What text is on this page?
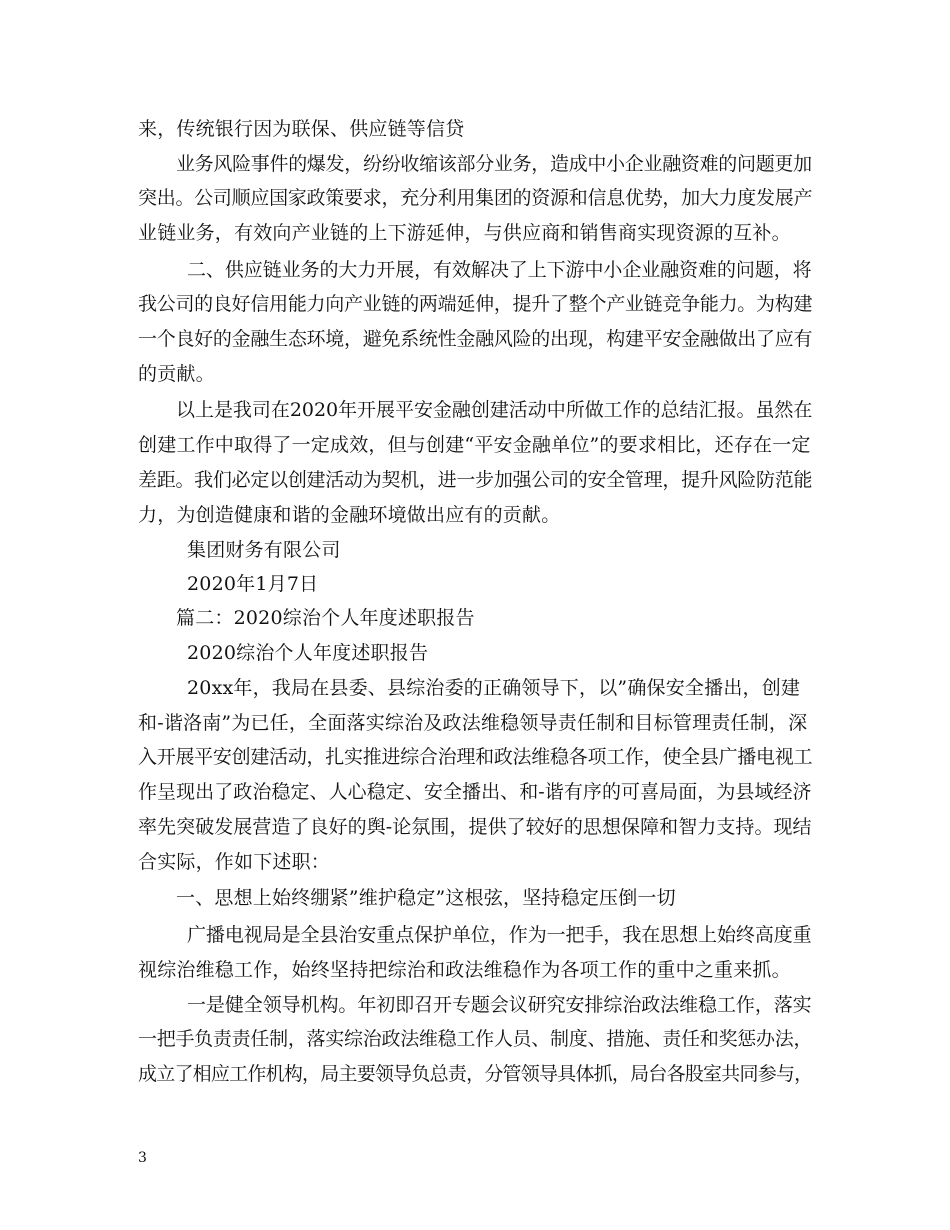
来，传统银行因为联保、供应链等信贷
业务风险事件的爆发，纷纷收缩该部分业务，造成中小企业融资难的问题更加
突出。公司顺应国家政策要求，充分利用集团的资源和信息优势，加大力度发展产
业链业务，有效向产业链的上下游延伸，与供应商和销售商实现资源的互补。
二、供应链业务的大力开展，有效解决了上下游中小企业融资难的问题，将
我公司的良好信用能力向产业链的两端延伸，提升了整个产业链竞争能力。为构建
一个良好的金融生态环境，避免系统性金融风险的出现，构建平安金融做出了应有
的贡献。
以上是我司在2020年开展平安金融创建活动中所做工作的总结汇报。虽然在
创建工作中取得了一定成效，但与创建“平安金融单位”的要求相比，还存在一定
差距。我们必定以创建活动为契机，进一步加强公司的安全管理，提升风险防范能
力，为创造健康和谐的金融环境做出应有的贡献。
集团财务有限公司
2020年1月7日
篇二：2020综治个人年度述职报告
2020综治个人年度述职报告
20xx年，我局在县委、县综治委的正确领导下，以”确保安全播出，创建
和-谐洛南”为已任，全面落实综治及政法维稳领导责任制和目标管理责任制，深
入开展平安创建活动，扎实推进综合治理和政法维稳各项工作，使全县广播电视工
作呈现出了政治稳定、人心稳定、安全播出、和-谐有序的可喜局面，为县域经济
率先突破发展营造了良好的舆-论氛围，提供了较好的思想保障和智力支持。现结
合实际，作如下述职：
一、思想上始终绷紧”维护稳定”这根弦，坚持稳定压倒一切
广播电视局是全县治安重点保护单位，作为一把手，我在思想上始终高度重
视综治维稳工作，始终坚持把综治和政法维稳作为各项工作的重中之重来抓。
一是健全领导机构。年初即召开专题会议研究安排综治政法维稳工作，落实
一把手负责责任制，落实综治政法维稳工作人员、制度、措施、责任和奖惩办法，
成立了相应工作机构，局主要领导负总责，分管领导具体抓，局台各股室共同参与，
3
